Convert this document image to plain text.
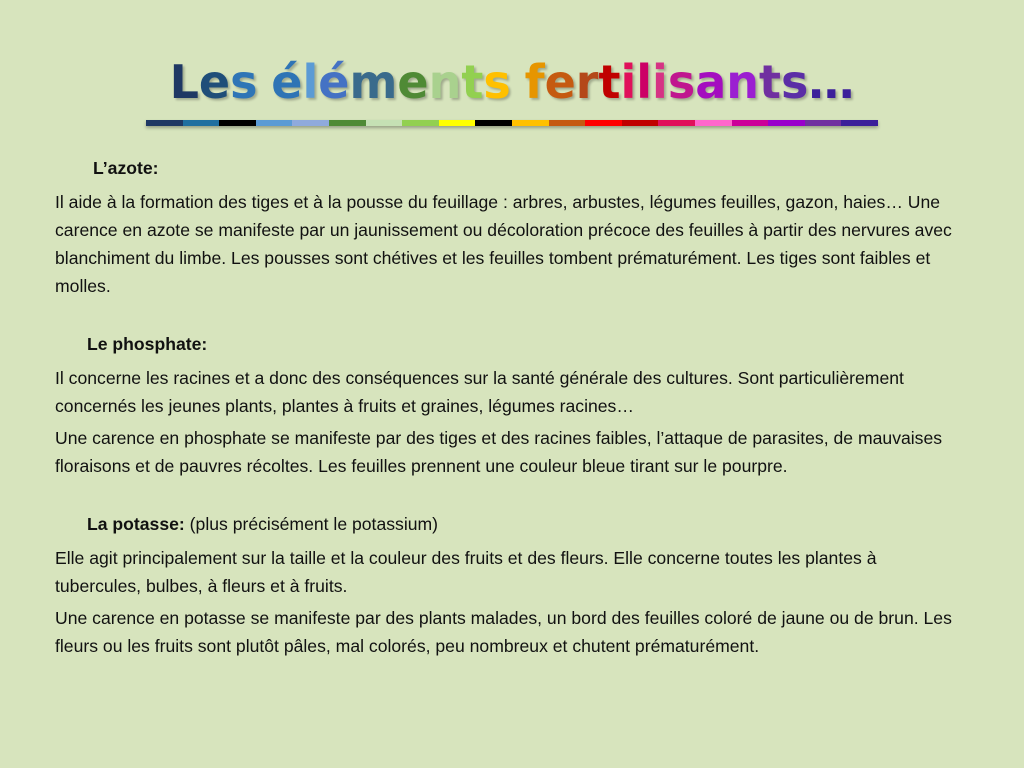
Les éléments fertilisants…
L’azote:

Il aide à la formation des tiges et à la pousse du feuillage : arbres, arbustes, légumes feuilles, gazon, haies… Une carence en azote se manifeste par un jaunissement ou décoloration précoce des feuilles à partir des nervures avec blanchiment du limbe. Les pousses sont chétives et les feuilles tombent prématurément. Les tiges sont faibles et molles.

Le phosphate:

Il concerne les racines et a donc des conséquences sur la santé générale des cultures. Sont particulièrement concernés les jeunes plants, plantes à fruits et graines, légumes racines…

Une carence en phosphate se manifeste par des tiges et des racines faibles, l’attaque de parasites, de mauvaises floraisons et de pauvres récoltes. Les feuilles prennent une couleur bleue tirant sur le pourpre.

La potasse: (plus précisément le potassium)

Elle agit principalement sur la taille et la couleur des fruits et des fleurs. Elle concerne toutes les plantes à tubercules, bulbes, à fleurs et à fruits.

Une carence en potasse se manifeste par des plants malades, un bord des feuilles coloré de jaune ou de brun. Les fleurs ou les fruits sont plutôt pâles, mal colorés, peu nombreux et chutent prématurément.
